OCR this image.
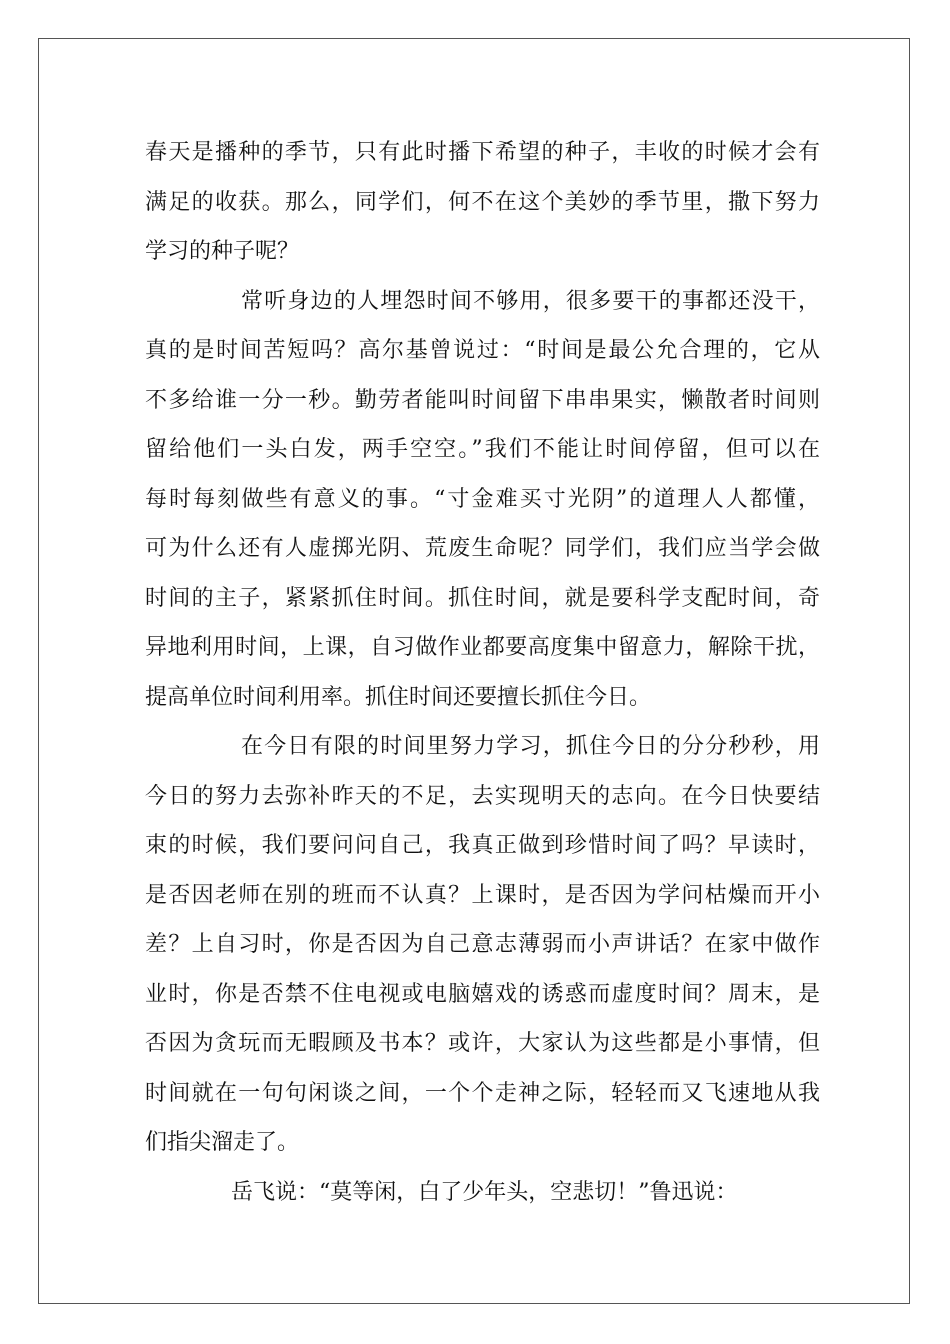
春天是播种的季节，只有此时播下希望的种子，丰收的时候才会有
满足的收获。那么，同学们，何不在这个美妙的季节里，撒下努力
学习的种子呢？
常听身边的人埋怨时间不够用，很多要干的事都还没干，
真的是时间苦短吗？高尔基曾说过：“时间是最公允合理的，它从
不多给谁一分一秒。勤劳者能叫时间留下串串果实，懒散者时间则
留给他们一头白发，两手空空。”我们不能让时间停留，但可以在
每时每刻做些有意义的事。“寸金难买寸光阴”的道理人人都懂，
可为什么还有人虚掷光阴、荒废生命呢？同学们，我们应当学会做
时间的主子，紧紧抓住时间。抓住时间，就是要科学支配时间，奇
异地利用时间，上课，自习做作业都要高度集中留意力，解除干扰，
提高单位时间利用率。抓住时间还要擅长抓住今日。
在今日有限的时间里努力学习，抓住今日的分分秒秒，用
今日的努力去弥补昨天的不足，去实现明天的志向。在今日快要结
束的时候，我们要问问自己，我真正做到珍惜时间了吗？早读时，
是否因老师在别的班而不认真？上课时，是否因为学问枯燥而开小
差？上自习时，你是否因为自己意志薄弱而小声讲话？在家中做作
业时，你是否禁不住电视或电脑嬉戏的诱惑而虚度时间？周末，是
否因为贪玩而无暇顾及书本？或许，大家认为这些都是小事情，但
时间就在一句句闲谈之间，一个个走神之际，轻轻而又飞速地从我
们指尖溜走了。
岳飞说：“莫等闲，白了少年头，空悲切！”鲁迅说：
